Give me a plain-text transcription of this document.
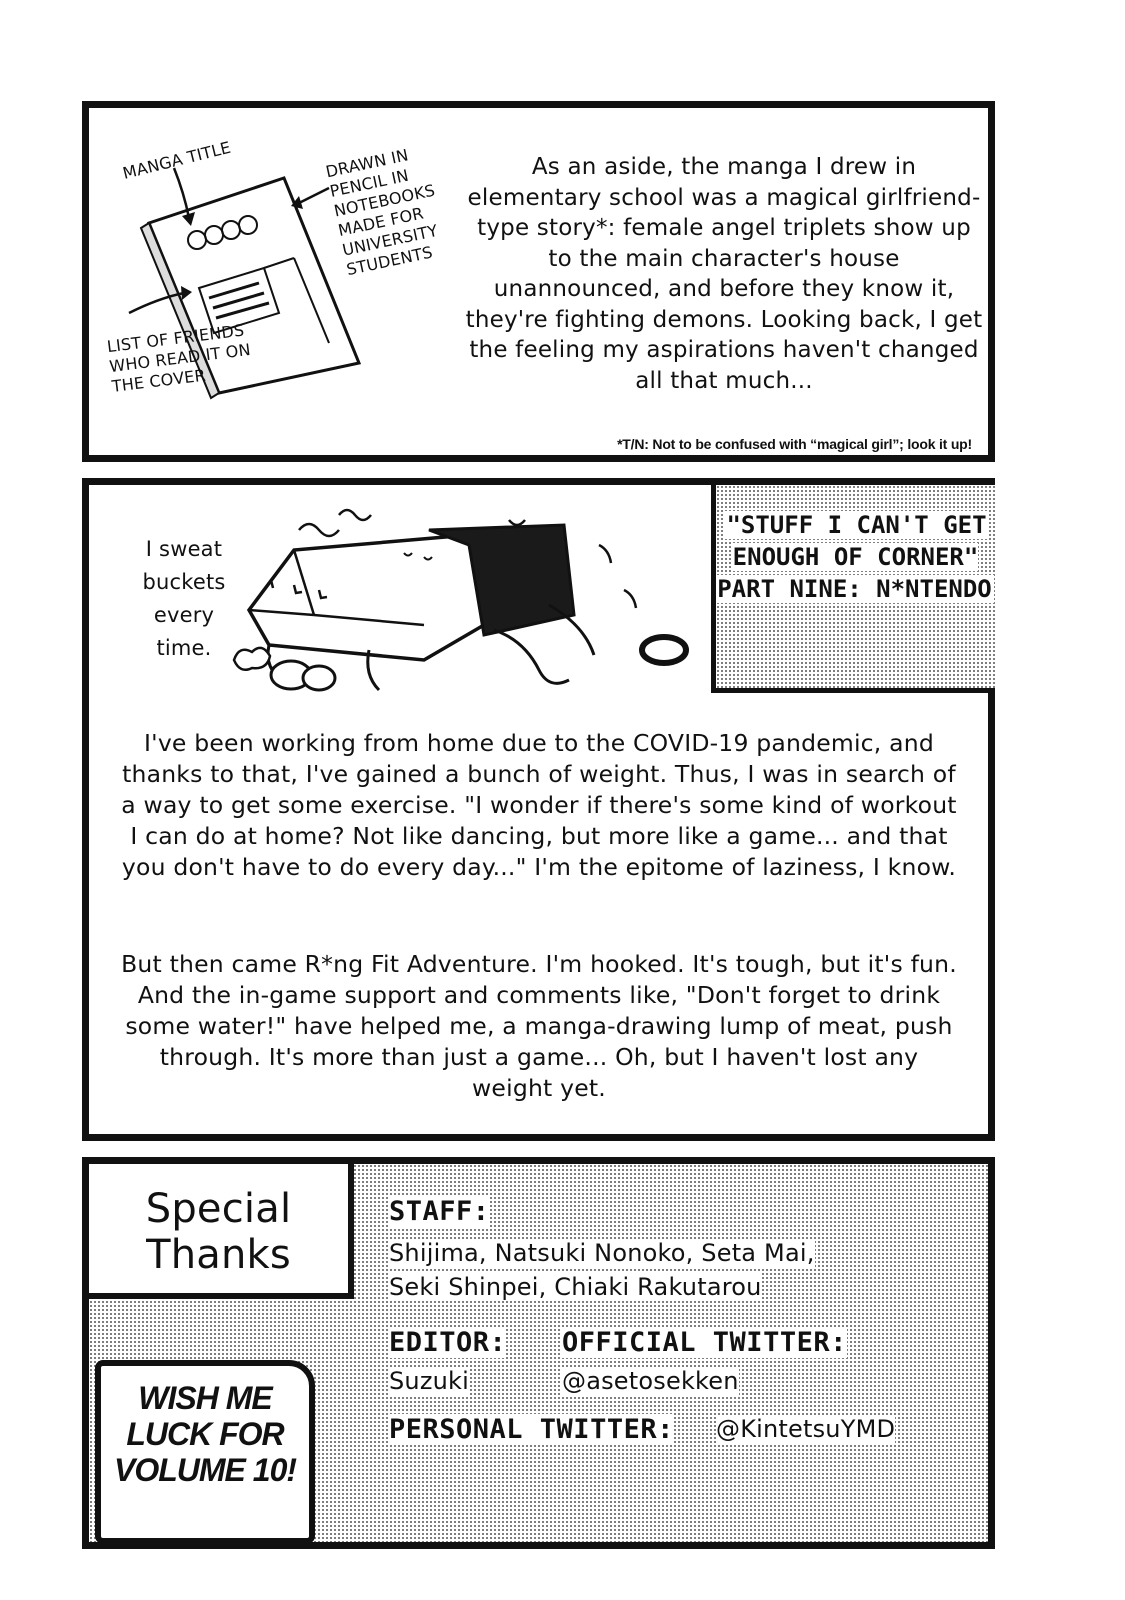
MANGA TITLE	DRAWN IN PENCIL IN NOTEBOOKS MADE FOR UNIVERSITY STUDENTS
LIST OF FRIENDS WHO READ IT ON THE COVER
As an aside, the manga I drew in elementary school was a magical girlfriend-type story*: female angel triplets show up to the main character's house unannounced, and before they know it, they're fighting demons. Looking back, I get the feeling my aspirations haven't changed all that much...
*T/N: Not to be confused with “magical girl”; look it up!
I sweat buckets every time.
"STUFF I CAN'T GET ENOUGH OF CORNER" PART NINE: N*NTENDO
I've been working from home due to the COVID-19 pandemic, and thanks to that, I've gained a bunch of weight. Thus, I was in search of a way to get some exercise. "I wonder if there's some kind of workout I can do at home? Not like dancing, but more like a game... and that you don't have to do every day..." I'm the epitome of laziness, I know.
But then came R*ng Fit Adventure. I'm hooked. It's tough, but it's fun. And the in-game support and comments like, "Don't forget to drink some water!" have helped me, a manga-drawing lump of meat, push through. It's more than just a game... Oh, but I haven't lost any weight yet.
Special Thanks
WISH ME LUCK FOR VOLUME 10!
STAFF:
Shijima, Natsuki Nonoko, Seta Mai,
Seki Shinpei, Chiaki Rakutarou
EDITOR:
Suzuki
OFFICIAL TWITTER:
@asetosekken
PERSONAL TWITTER: @KintetsuYMD
